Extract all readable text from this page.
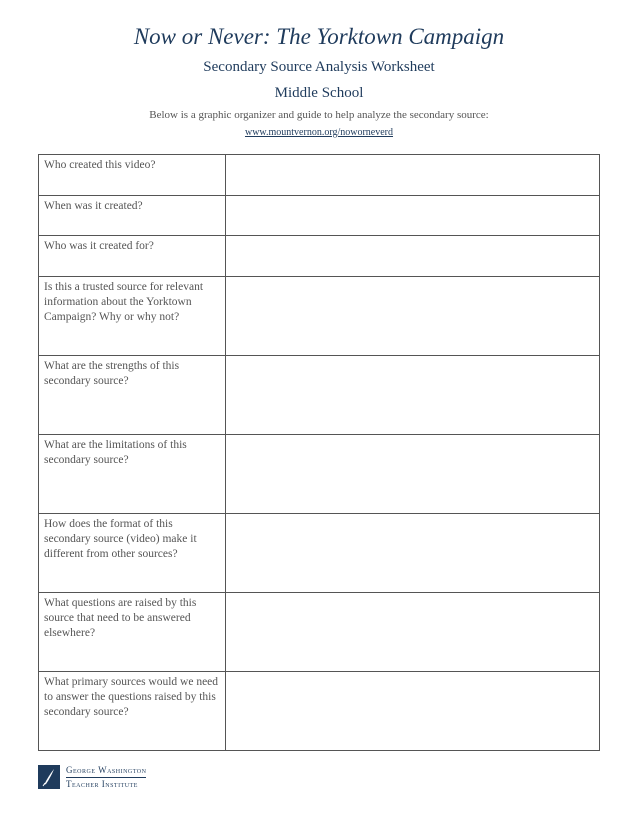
Now or Never: The Yorktown Campaign
Secondary Source Analysis Worksheet
Middle School
Below is a graphic organizer and guide to help analyze the secondary source:
www.mountvernon.org/noworneverd
Who created this video?	

When was it created?	

Who was it created for?	

Is this a trusted source for relevant information about the Yorktown Campaign? Why or why not?	

What are the strengths of this secondary source?	

What are the limitations of this secondary source?	

How does the format of this secondary source (video) make it different from other sources?	

What questions are raised by this source that need to be answered elsewhere?	

What primary sources would we need to answer the questions raised by this secondary source?	

George Washington
Teacher Institute
